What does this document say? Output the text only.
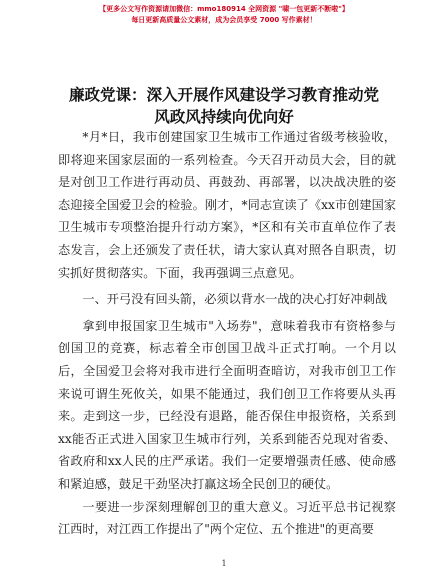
【更多公文写作资源请加微信：mmo180914 全网资源 "啸一包更新不断啦"】
每日更新高质量公文素材，成为会员享受 7000 写作素材！
廉政党课：深入开展作风建设学习教育推动党
风政风持续向优向好

*月*日，我市创建国家卫生城市工作通过省级考核验收，即将迎来国家层面的一系列检查。今天召开动员大会，目的就是对创卫工作进行再动员、再鼓劲、再部署，以决战决胜的姿态迎接全国爱卫会的检验。刚才，*同志宣读了《xx市创建国家卫生城市专项整治提升行动方案》，*区和有关市直单位作了表态发言，会上还颁发了责任状，请大家认真对照各自职责，切实抓好贯彻落实。下面，我再强调三点意见。

一、开弓没有回头箭，必须以背水一战的决心打好冲刺战

拿到申报国家卫生城市"入场券"，意味着我市有资格参与创国卫的竞赛，标志着全市创国卫战斗正式打响。一个月以后，全国爱卫会将对我市进行全面明查暗访，对我市创卫工作来说可谓生死攸关，如果不能通过，我们创卫工作将要从头再来。走到这一步，已经没有退路，能否保住申报资格，关系到xx能否正式进入国家卫生城市行列，关系到能否兑现对省委、省政府和xx人民的庄严承诺。我们一定要增强责任感、使命感和紧迫感，鼓足干劲坚决打赢这场全民创卫的硬仗。

一要进一步深刻理解创卫的重大意义。习近平总书记视察江西时，对江西工作提出了"两个定位、五个推进"的更高要

1
